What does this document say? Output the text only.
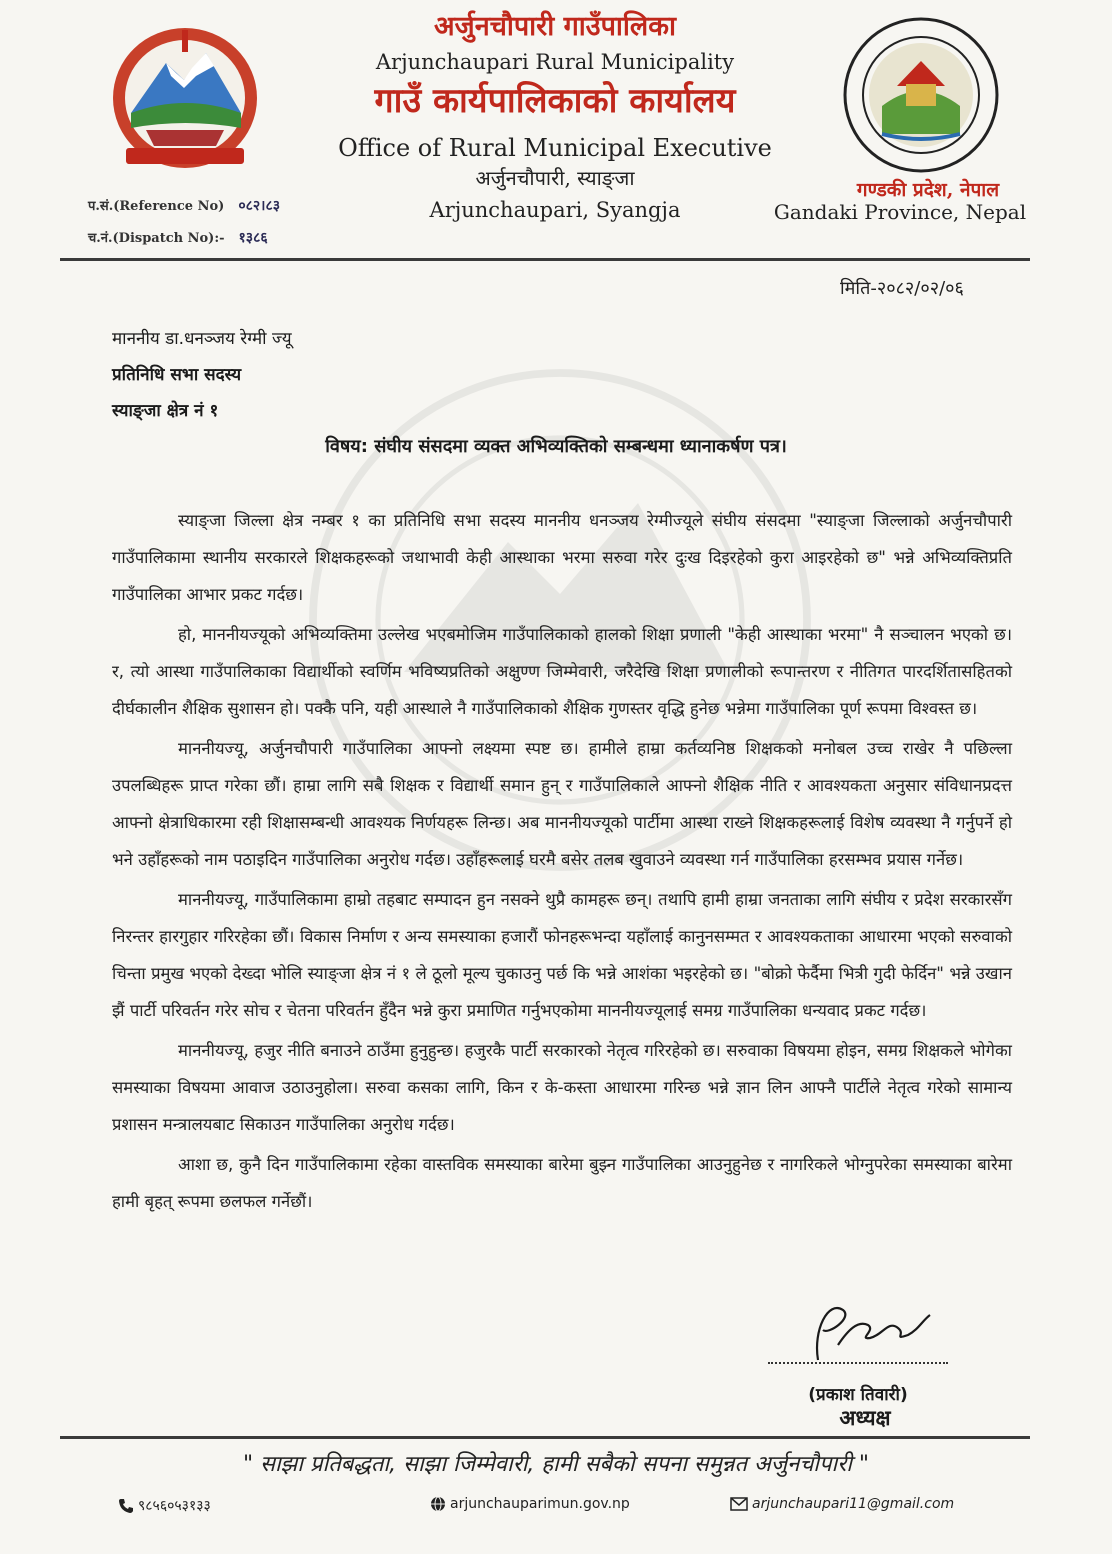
अर्जुनचौपारी गाउँपालिका
Arjunchaupari Rural Municipality
गाउँ कार्यपालिकाको कार्यालय
Office of Rural Municipal Executive
अर्जुनचौपारी, स्याङ्जा
Arjunchaupari, Syangja
गण्डकी प्रदेश, नेपाल
Gandaki Province, Nepal
प.सं.(Reference No) ०८२।८३
च.नं.(Dispatch No):- १३८६
मिति-२०८२/०२/०६
माननीय डा.धनञ्जय रेग्मी ज्यू
प्रतिनिधि सभा सदस्य
स्याङ्जा क्षेत्र नं १
विषय: संघीय संसदमा व्यक्त अभिव्यक्तिको सम्बन्धमा ध्यानाकर्षण पत्र।

स्याङ्जा जिल्ला क्षेत्र नम्बर १ का प्रतिनिधि सभा सदस्य माननीय धनञ्जय रेग्मीज्यूले संघीय संसदमा "स्याङ्जा जिल्लाको अर्जुनचौपारी गाउँपालिकामा स्थानीय सरकारले शिक्षकहरूको जथाभावी केही आस्थाका भरमा सरुवा गरेर दुःख दिइरहेको कुरा आइरहेको छ" भन्ने अभिव्यक्तिप्रति गाउँपालिका आभार प्रकट गर्दछ।

हो, माननीयज्यूको अभिव्यक्तिमा उल्लेख भएबमोजिम गाउँपालिकाको हालको शिक्षा प्रणाली "केही आस्थाका भरमा" नै सञ्चालन भएको छ। र, त्यो आस्था गाउँपालिकाका विद्यार्थीको स्वर्णिम भविष्यप्रतिको अक्षुण्ण जिम्मेवारी, जरैदेखि शिक्षा प्रणालीको रूपान्तरण र नीतिगत पारदर्शितासहितको दीर्घकालीन शैक्षिक सुशासन हो। पक्कै पनि, यही आस्थाले नै गाउँपालिकाको शैक्षिक गुणस्तर वृद्धि हुनेछ भन्नेमा गाउँपालिका पूर्ण रूपमा विश्वस्त छ।

माननीयज्यू, अर्जुनचौपारी गाउँपालिका आफ्नो लक्ष्यमा स्पष्ट छ। हामीले हाम्रा कर्तव्यनिष्ठ शिक्षकको मनोबल उच्च राखेर नै पछिल्ला उपलब्धिहरू प्राप्त गरेका छौं। हाम्रा लागि सबै शिक्षक र विद्यार्थी समान हुन् र गाउँपालिकाले आफ्नो शैक्षिक नीति र आवश्यकता अनुसार संविधानप्रदत्त आफ्नो क्षेत्राधिकारमा रही शिक्षासम्बन्धी आवश्यक निर्णयहरू लिन्छ। अब माननीयज्यूको पार्टीमा आस्था राख्ने शिक्षकहरूलाई विशेष व्यवस्था नै गर्नुपर्ने हो भने उहाँहरूको नाम पठाइदिन गाउँपालिका अनुरोध गर्दछ। उहाँहरूलाई घरमै बसेर तलब खुवाउने व्यवस्था गर्न गाउँपालिका हरसम्भव प्रयास गर्नेछ।

माननीयज्यू, गाउँपालिकामा हाम्रो तहबाट सम्पादन हुन नसक्ने थुप्रै कामहरू छन्। तथापि हामी हाम्रा जनताका लागि संघीय र प्रदेश सरकारसँग निरन्तर हारगुहार गरिरहेका छौं। विकास निर्माण र अन्य समस्याका हजारौं फोनहरूभन्दा यहाँलाई कानुनसम्मत र आवश्यकताका आधारमा भएको सरुवाको चिन्ता प्रमुख भएको देख्दा भोलि स्याङ्जा क्षेत्र नं १ ले ठूलो मूल्य चुकाउनु पर्छ कि भन्ने आशंका भइरहेको छ। "बोक्रो फेर्दैमा भित्री गुदी फेर्दिन" भन्ने उखान झैं पार्टी परिवर्तन गरेर सोच र चेतना परिवर्तन हुँदैन भन्ने कुरा प्रमाणित गर्नुभएकोमा माननीयज्यूलाई समग्र गाउँपालिका धन्यवाद प्रकट गर्दछ।

माननीयज्यू, हजुर नीति बनाउने ठाउँमा हुनुहुन्छ। हजुरकै पार्टी सरकारको नेतृत्व गरिरहेको छ। सरुवाका विषयमा होइन, समग्र शिक्षकले भोगेका समस्याका विषयमा आवाज उठाउनुहोला। सरुवा कसका लागि, किन र के-कस्ता आधारमा गरिन्छ भन्ने ज्ञान लिन आफ्नै पार्टीले नेतृत्व गरेको सामान्य प्रशासन मन्त्रालयबाट सिकाउन गाउँपालिका अनुरोध गर्दछ।

आशा छ, कुनै दिन गाउँपालिकामा रहेका वास्तविक समस्याका बारेमा बुझ्न गाउँपालिका आउनुहुनेछ र नागरिकले भोग्नुपरेका समस्याका बारेमा हामी बृहत् रूपमा छलफल गर्नेछौं।

(प्रकाश तिवारी)
अध्यक्ष
" साझा प्रतिबद्धता, साझा जिम्मेवारी, हामी सबैको सपना समुन्नत अर्जुनचौपारी "
९८५६०५३१३३	arjunchauparimun.gov.np	arjunchaupari11@gmail.com
